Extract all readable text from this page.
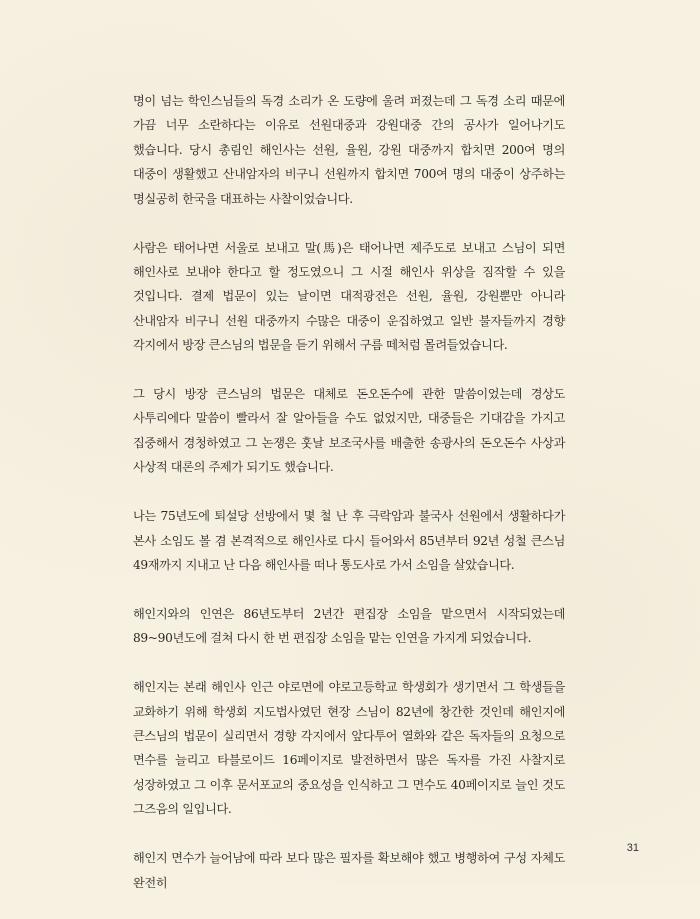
명이 넘는 학인스님들의 독경 소리가 온 도량에 울려 퍼졌는데 그 독경 소리 때문에 가끔 너무 소란하다는 이유로 선원대중과 강원대중 간의 공사가 일어나기도 했습니다. 당시 총림인 해인사는 선원, 율원, 강원 대중까지 합치면 200여 명의 대중이 생활했고 산내암자의 비구니 선원까지 합치면 700여 명의 대중이 상주하는 명실공히 한국을 대표하는 사찰이었습니다.

사람은 태어나면 서울로 보내고 말(馬)은 태어나면 제주도로 보내고 스님이 되면 해인사로 보내야 한다고 할 정도였으니 그 시절 해인사 위상을 짐작할 수 있을 것입니다. 결제 법문이 있는 날이면 대적광전은 선원, 율원, 강원뿐만 아니라 산내암자 비구니 선원 대중까지 수많은 대중이 운집하였고 일반 불자들까지 경향 각지에서 방장 큰스님의 법문을 듣기 위해서 구름 떼처럼 몰려들었습니다.

그 당시 방장 큰스님의 법문은 대체로 돈오돈수에 관한 말씀이었는데 경상도 사투리에다 말씀이 빨라서 잘 알아들을 수도 없었지만, 대중들은 기대감을 가지고 집중해서 경청하였고 그 논쟁은 훗날 보조국사를 배출한 송광사의 돈오돈수 사상과 사상적 대론의 주제가 되기도 했습니다.

나는 75년도에 퇴설당 선방에서 몇 철 난 후 극락암과 불국사 선원에서 생활하다가 본사 소임도 볼 겸 본격적으로 해인사로 다시 들어와서 85년부터 92년 성철 큰스님 49재까지 지내고 난 다음 해인사를 떠나 통도사로 가서 소임을 살았습니다.

해인지와의 인연은 86년도부터 2년간 편집장 소임을 맡으면서 시작되었는데 89~90년도에 걸쳐 다시 한 번 편집장 소임을 맡는 인연을 가지게 되었습니다.

해인지는 본래 해인사 인근 야로면에 야로고등학교 학생회가 생기면서 그 학생들을 교화하기 위해 학생회 지도법사였던 현장 스님이 82년에 창간한 것인데 해인지에 큰스님의 법문이 실리면서 경향 각지에서 앞다투어 열화와 같은 독자들의 요청으로 면수를 늘리고 타블로이드 16페이지로 발전하면서 많은 독자를 가진 사찰지로 성장하였고 그 이후 문서포교의 중요성을 인식하고 그 면수도 40페이지로 늘인 것도 그즈음의 일입니다.

해인지 면수가 늘어남에 따라 보다 많은 필자를 확보해야 했고 병행하여 구성 자체도 완전히

31
